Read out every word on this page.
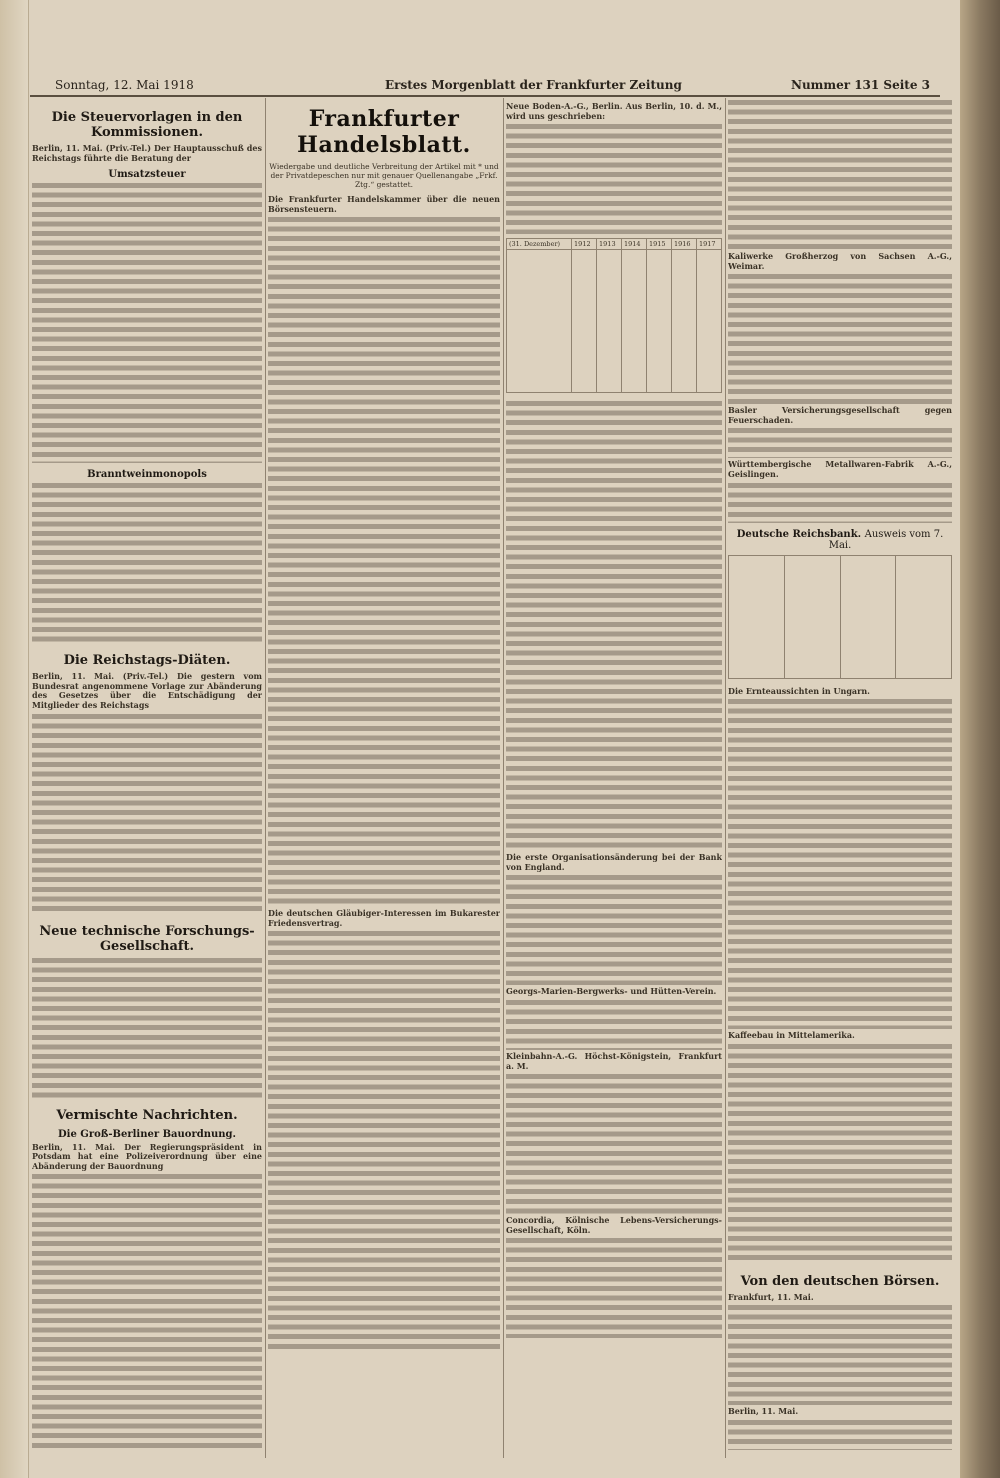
Sonntag, 12. Mai 1918	Erstes Morgenblatt der Frankfurter Zeitung	Nummer 131 Seite 3
Die Steuervorlagen in den Kommissionen.

Berlin, 11. Mai. (Priv.-Tel.) Der Hauptausschuß des Reichstags führte die Beratung der

Umsatzsteuer
Branntweinmonopols
Die Reichstags-Diäten.

Berlin, 11. Mai. (Priv.-Tel.) Die gestern vom Bundesrat angenommene Vorlage zur Abänderung des Gesetzes über die Entschädigung der Mitglieder des Reichstags

Neue technische Forschungs-Gesellschaft.
Vermischte Nachrichten.
Die Groß-Berliner Bauordnung.

Berlin, 11. Mai. Der Regierungspräsident in Potsdam hat eine Polizeiverordnung über eine Abänderung der Bauordnung

Frankfurter Handelsblatt.
Wiedergabe und deutliche Verbreitung der Artikel mit * und der Privatdepeschen nur mit genauer Quellenangabe „Frkf. Ztg.“ gestattet.

Die Frankfurter Handelskammer über die neuen Börsensteuern.

Die deutschen Gläubiger-Interessen im Bukarester Friedensvertrag.

Neue Boden-A.-G., Berlin. Aus Berlin, 10. d. M., wird uns geschrieben:

(31. Dezember)	1912	1913	1914	1915	1916	1917

Die erste Organisationsänderung bei der Bank von England.

Georgs-Marien-Bergwerks- und Hütten-Verein.

Kleinbahn-A.-G. Höchst-Königstein, Frankfurt a. M.

Concordia, Kölnische Lebens-Versicherungs-Gesellschaft, Köln.

Kaliwerke Großherzog von Sachsen A.-G., Weimar.

Basler Versicherungsgesellschaft gegen Feuerschaden.

Württembergische Metallwaren-Fabrik A.-G., Geislingen.

Deutsche Reichsbank. Ausweis vom 7. Mai.

Die Ernteaussichten in Ungarn.

Kaffeebau in Mittelamerika.

Von den deutschen Börsen.

Frankfurt, 11. Mai.

Berlin, 11. Mai.
